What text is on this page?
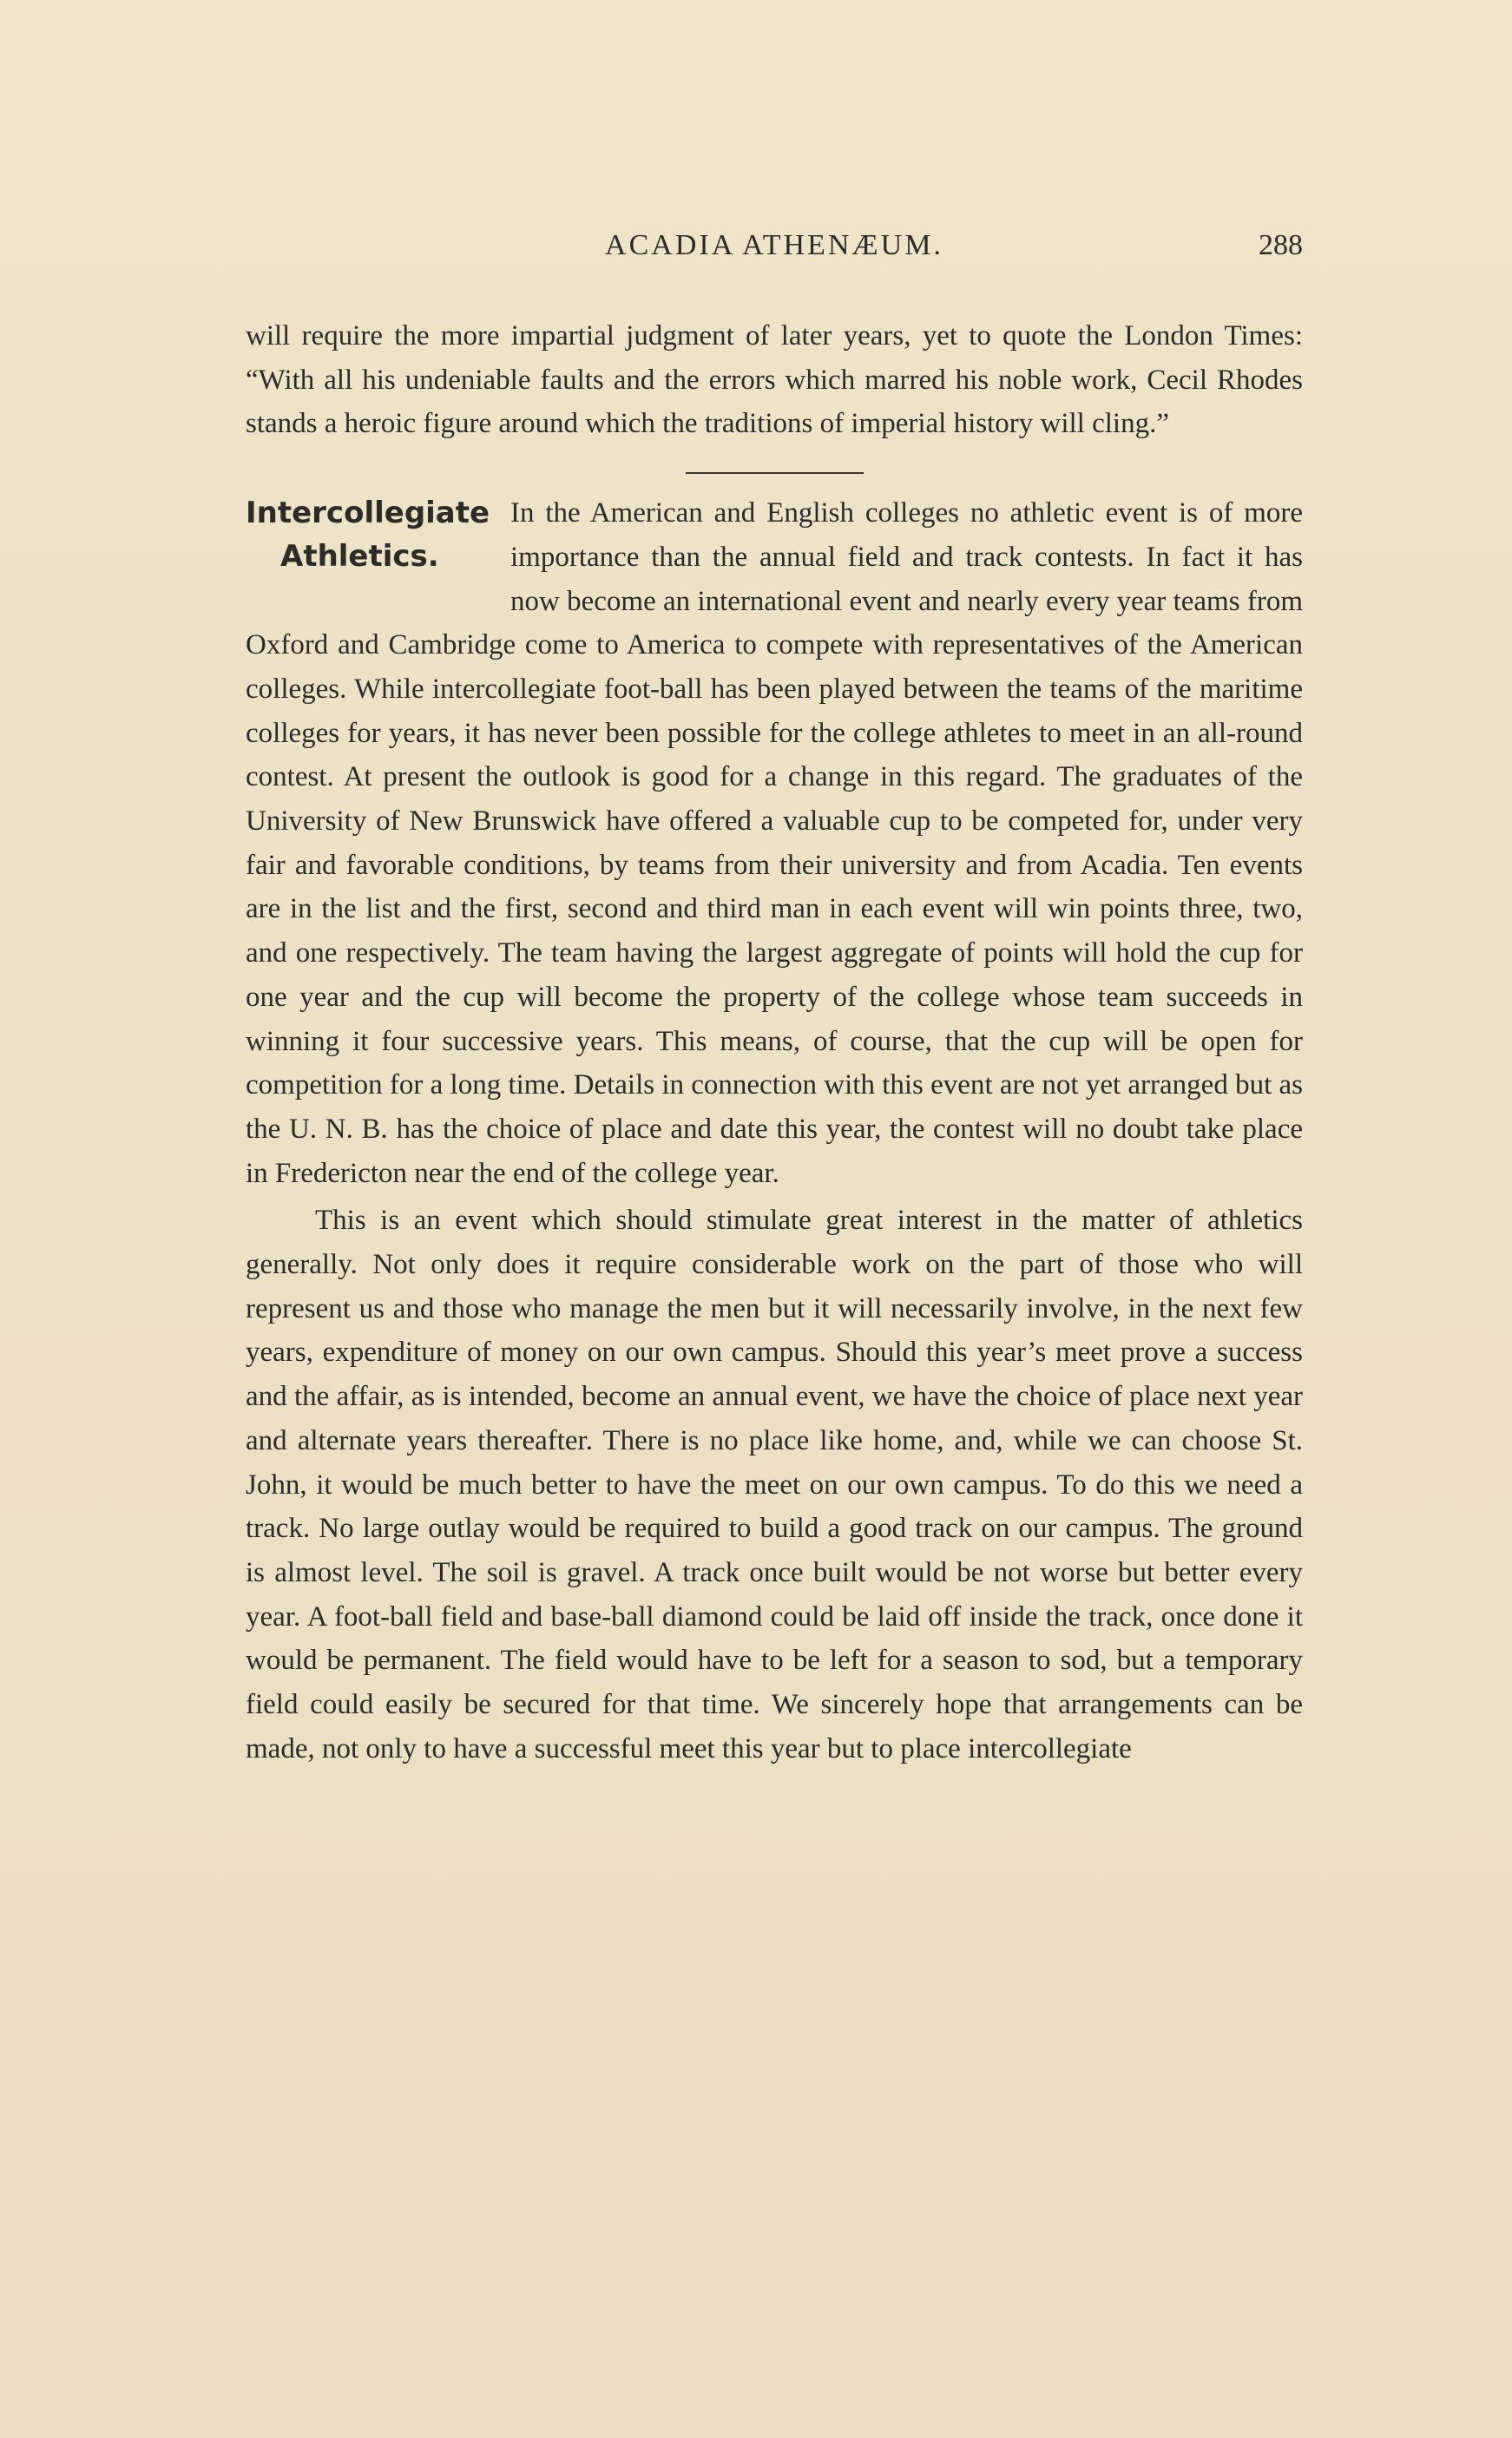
ACADIA ATHENÆUM.	288

will require the more impartial judgment of later years, yet to quote the London Times: “With all his undeniable faults and the errors which marred his noble work, Cecil Rhodes stands a heroic figure around which the traditions of imperial history will cling.”

Intercollegiate
Athletics.

In the American and English colleges no athletic event is of more importance than the annual field and track contests. In fact it has now become an international event and nearly every year teams from Oxford and Cambridge come to America to compete with representatives of the American colleges. While intercollegiate foot-ball has been played between the teams of the maritime colleges for years, it has never been possible for the college athletes to meet in an all-round contest. At present the outlook is good for a change in this regard. The graduates of the University of New Brunswick have offered a valuable cup to be competed for, under very fair and favorable conditions, by teams from their university and from Acadia. Ten events are in the list and the first, second and third man in each event will win points three, two, and one respectively. The team having the largest aggregate of points will hold the cup for one year and the cup will become the property of the college whose team succeeds in winning it four successive years. This means, of course, that the cup will be open for competition for a long time. Details in connection with this event are not yet arranged but as the U. N. B. has the choice of place and date this year, the contest will no doubt take place in Fredericton near the end of the college year.

This is an event which should stimulate great interest in the matter of athletics generally. Not only does it require considerable work on the part of those who will represent us and those who manage the men but it will necessarily involve, in the next few years, expenditure of money on our own campus. Should this year’s meet prove a success and the affair, as is intended, become an annual event, we have the choice of place next year and alternate years thereafter. There is no place like home, and, while we can choose St. John, it would be much better to have the meet on our own campus. To do this we need a track. No large outlay would be required to build a good track on our campus. The ground is almost level. The soil is gravel. A track once built would be not worse but better every year. A foot-ball field and base-ball diamond could be laid off inside the track, once done it would be permanent. The field would have to be left for a season to sod, but a temporary field could easily be secured for that time. We sincerely hope that arrangements can be made, not only to have a successful meet this year but to place intercollegiate
